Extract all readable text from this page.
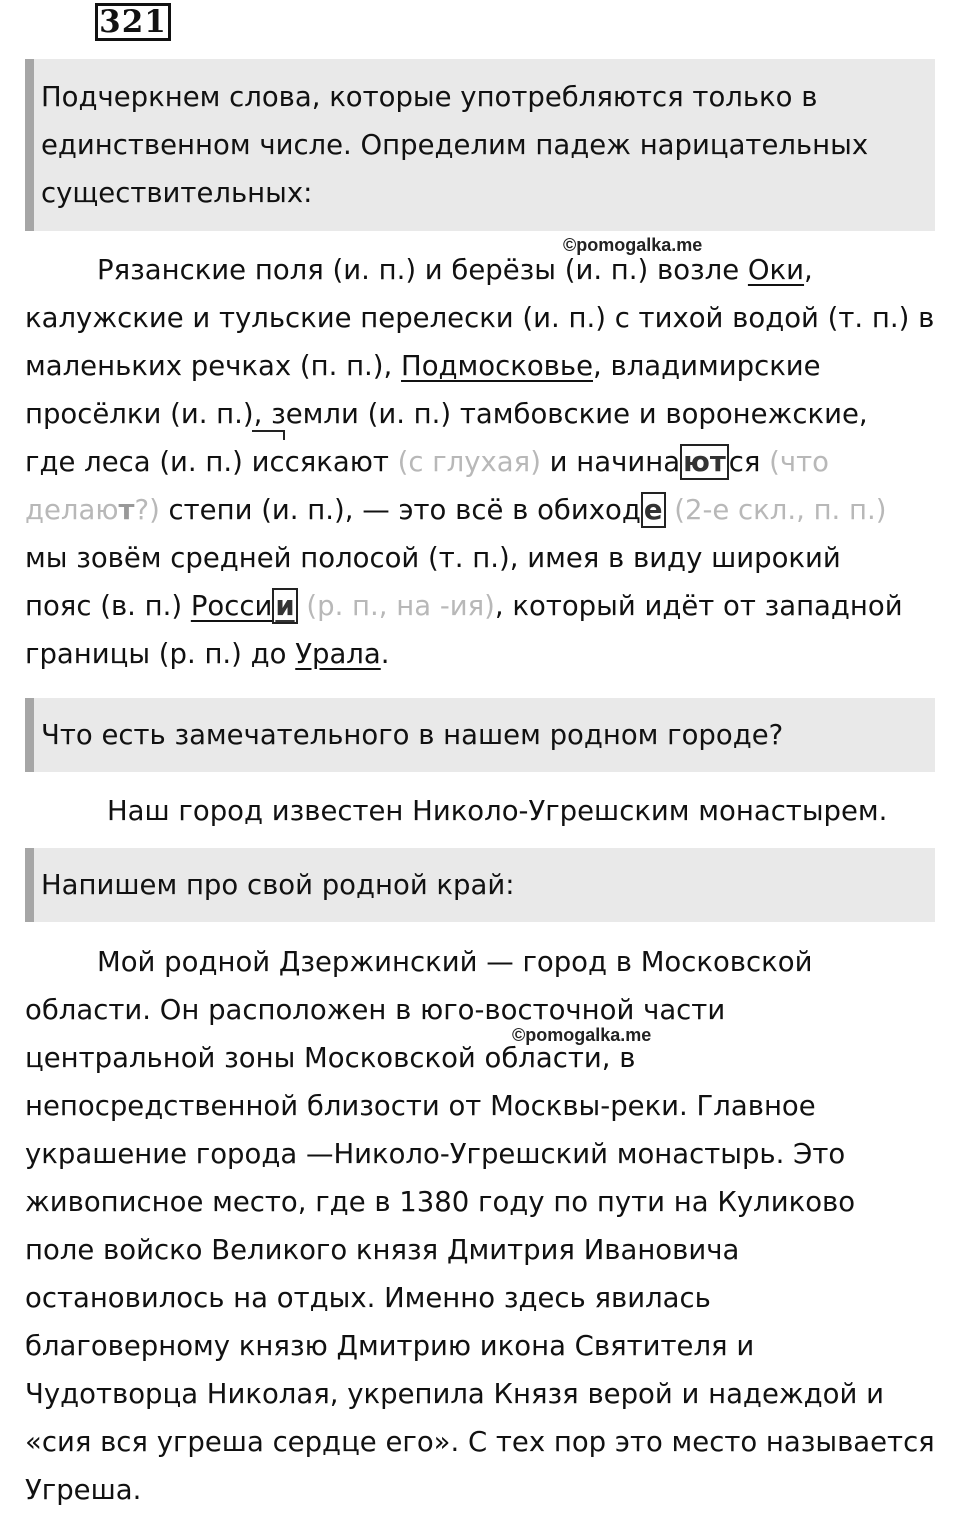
321
Подчеркнем слова, которые употребляются только в
единственном числе. Определим падеж нарицательных
существительных:
©pomogalka.me
Рязанские поля (и. п.) и берёзы (и. п.) возле Оки,
калужские и тульские перелески (и. п.) с тихой водой (т. п.) в
маленьких речках (п. п.), Подмосковье, владимирские
просёлки (и. п.), земли (и. п.) тамбовские и воронежские,
где леса (и. п.) иссякают (с глухая) и начина ют ся (что
делают?) степи (и. п.), — это всё в обиход е (2-е скл., п. п.)
мы зовём средней полосой (т. п.), имея в виду широкий
пояс (в. п.) Росси и (р. п., на -ия), который идёт от западной
границы (р. п.) до Урала.
Что есть замечательного в нашем родном городе?
Наш город известен Николо-Угрешским монастырем.
Напишем про свой родной край:
©pomogalka.me
Мой родной Дзержинский — город в Московской
области. Он расположен в юго-восточной части
центральной зоны Московской области, в
непосредственной близости от Москвы-реки. Главное
украшение города —Николо-Угрешский монастырь. Это
живописное место, где в 1380 году по пути на Куликово
поле войско Великого князя Дмитрия Ивановича
остановилось на отдых. Именно здесь явилась
благоверному князю Дмитрию икона Святителя и
Чудотворца Николая, укрепила Князя верой и надеждой и
«сия вся угреша сердце его». С тех пор это место называется
Угреша.
